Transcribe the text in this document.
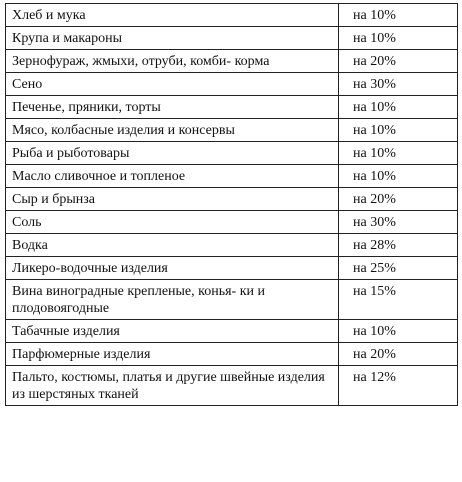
Хлеб и мука	на 10%
Крупа и макароны	на 10%
Зернофураж, жмыхи, отруби, комби- корма	на 20%
Сено	на 30%
Печенье, пряники, торты	на 10%
Мясо, колбасные изделия и консервы	на 10%
Рыба и рыботовары	на 10%
Масло сливочное и топленое	на 10%
Сыр и брынза	на 20%
Соль	на 30%
Водка	на 28%
Ликеро-водочные изделия	на 25%
Вина виноградные крепленые, конья- ки и плодовоягодные	на 15%
Табачные изделия	на 10%
Парфюмерные изделия	на 20%
Пальто, костюмы, платья и другие швейные изделия из шерстяных тканей	на 12%
